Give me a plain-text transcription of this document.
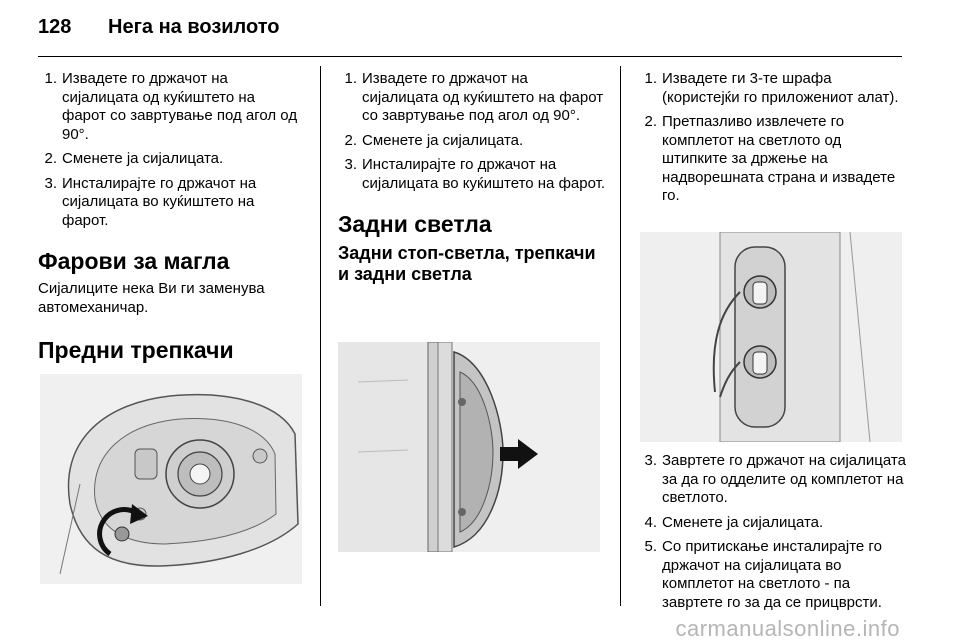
128	Нега на возилото
1. Извадете го држачот на сијалицата од куќиштето на фарот со завртување под агол од 90°.
2. Сменете ја сијалицата.
3. Инсталирајте го држачот на сијалицата во куќиштето на фарот.
Фарови за магла

Сијалиците нека Ви ги заменува автомеханичар.

Предни трепкачи
1. Извадете го држачот на сијалицата од куќиштето на фарот со завртување под агол од 90°.
2. Сменете ја сијалицата.
3. Инсталирајте го држачот на сијалицата во куќиштето на фарот.
Задни светла
Задни стоп-светла, трепкачи и задни светла
1. Извадете ги 3-те шрафа (користејќи го приложениот алат).
2. Претпазливо извлечете го комплетот на светлото од штипките за држење на надворешната страна и извадете го.
3. Завртете го држачот на сијалицата за да го одделите од комплетот на светлото.
4. Сменете ја сијалицата.
5. Со притискање инсталирајте го држачот на сијалицата во комплетот на светлото - па завртете го за да се прицврсти.
carmanualsonline.info
